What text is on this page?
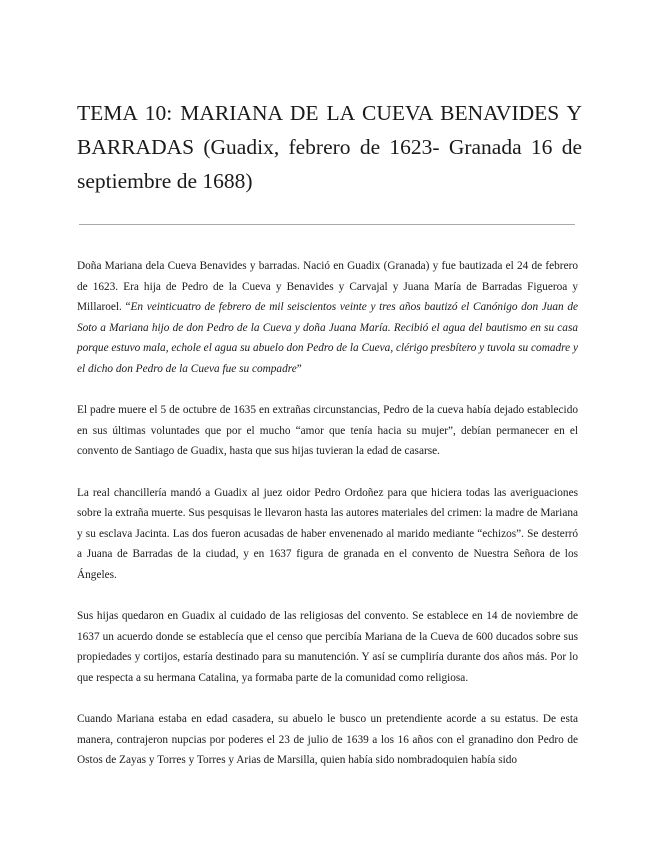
TEMA 10: MARIANA DE LA CUEVA BENAVIDES Y BARRADAS (Guadix, febrero de 1623- Granada 16 de septiembre de 1688)

Doña Mariana dela Cueva Benavides y barradas. Nació en Guadix (Granada) y fue bautizada el 24 de febrero de 1623. Era hija de Pedro de la Cueva y Benavides y Carvajal y Juana María de Barradas Figueroa y Millaroel. “En veinticuatro de febrero de mil seiscientos veinte y tres años bautizó el Canónigo don Juan de Soto a Mariana hijo de don Pedro de la Cueva y doña Juana María. Recibió el agua del bautismo en su casa porque estuvo mala, echole el agua su abuelo don Pedro de la Cueva, clérigo presbítero y tuvola su comadre y el dicho don Pedro de la Cueva fue su compadre”

El padre muere el 5 de octubre de 1635 en extrañas circunstancias, Pedro de la cueva había dejado establecido en sus últimas voluntades que por el mucho “amor que tenía hacia su mujer”, debían permanecer en el convento de Santiago de Guadix, hasta que sus hijas tuvieran la edad de casarse.

La real chancillería mandó a Guadix al juez oidor Pedro Ordoñez para que hiciera todas las averiguaciones sobre la extraña muerte. Sus pesquisas le llevaron hasta las autores materiales del crimen: la madre de Mariana y su esclava Jacinta. Las dos fueron acusadas de haber envenenado al marido mediante “echizos”. Se desterró a Juana de Barradas de la ciudad, y en 1637 figura de granada en el convento de Nuestra Señora de los Ángeles.

Sus hijas quedaron en Guadix al cuidado de las religiosas del convento. Se establece en 14 de noviembre de 1637 un acuerdo donde se establecía que el censo que percibía Mariana de la Cueva de 600 ducados sobre sus propiedades y cortijos, estaría destinado para su manutención. Y así se cumpliría durante dos años más. Por lo que respecta a su hermana Catalina, ya formaba parte de la comunidad como religiosa.

Cuando Mariana estaba en edad casadera, su abuelo le busco un pretendiente acorde a su estatus. De esta manera, contrajeron nupcias por poderes el 23 de julio de 1639 a los 16 años con el granadino don Pedro de Ostos de Zayas y Torres y Torres y Arias de Marsilla, quien había sido nombradoquien había sido
